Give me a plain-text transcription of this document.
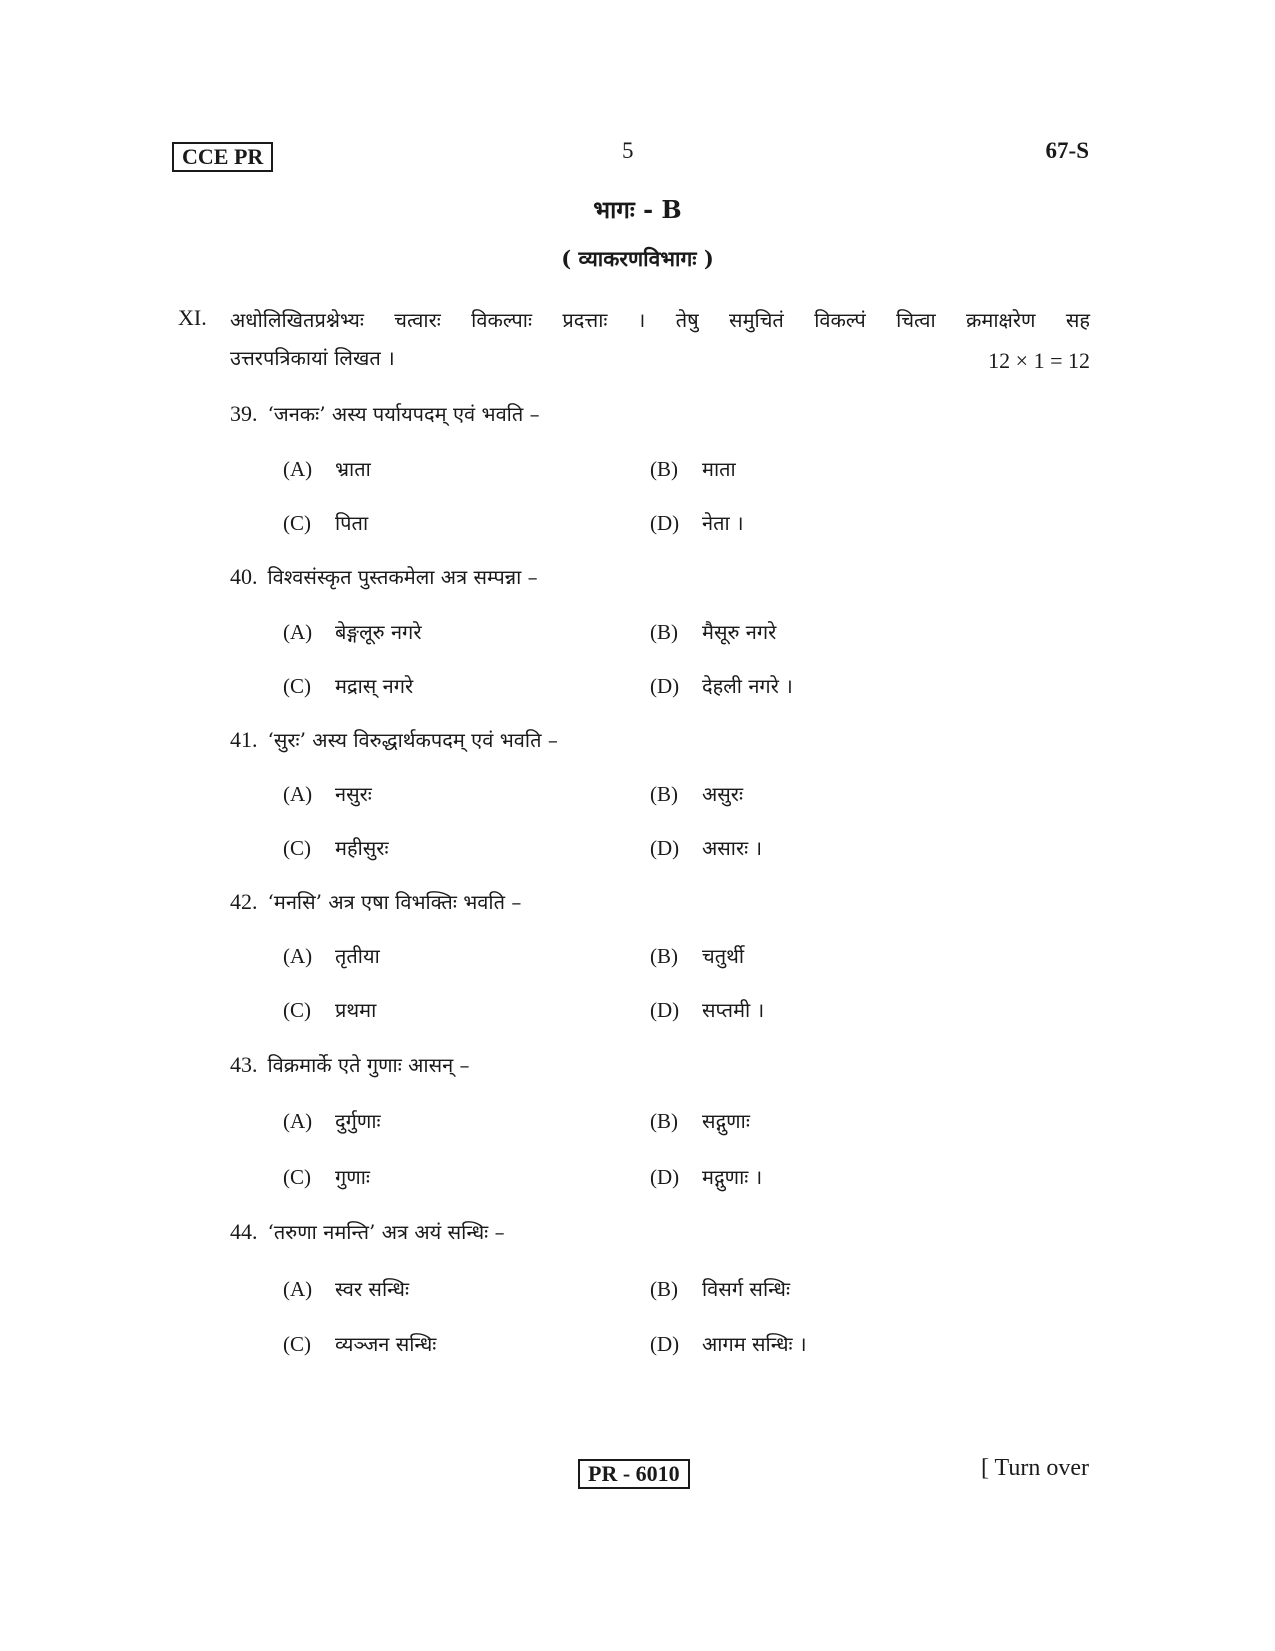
CCE PR	5	67-S
भागः - B
( व्याकरणविभागः )
XI. अधोलिखितप्रश्नेभ्यः चत्वारः विकल्पाः प्रदत्ताः । तेषु समुचितं विकल्पं चित्वा क्रमाक्षरेण सह
उत्तरपत्रिकायां लिखत ।	12 × 1 = 12
39. ‘जनकः’ अस्य पर्यायपदम् एवं भवति –
(A) भ्राता	(B) माता
(C) पिता	(D) नेता ।
40. विश्वसंस्कृत पुस्तकमेला अत्र सम्पन्ना –
(A) बेङ्गलूरु नगरे	(B) मैसूरु नगरे
(C) मद्रास् नगरे	(D) देहली नगरे ।
41. ‘सुरः’ अस्य विरुद्धार्थकपदम् एवं भवति –
(A) नसुरः	(B) असुरः
(C) महीसुरः	(D) असारः ।
42. ‘मनसि’ अत्र एषा विभक्तिः भवति –
(A) तृतीया	(B) चतुर्थी
(C) प्रथमा	(D) सप्तमी ।
43. विक्रमार्के एते गुणाः आसन् –
(A) दुर्गुणाः	(B) सद्गुणाः
(C) गुणाः	(D) मद्गुणाः ।
44. ‘तरुणा नमन्ति’ अत्र अयं सन्धिः –
(A) स्वर सन्धिः	(B) विसर्ग सन्धिः
(C) व्यञ्जन सन्धिः	(D) आगम सन्धिः ।
PR - 6010	[ Turn over
